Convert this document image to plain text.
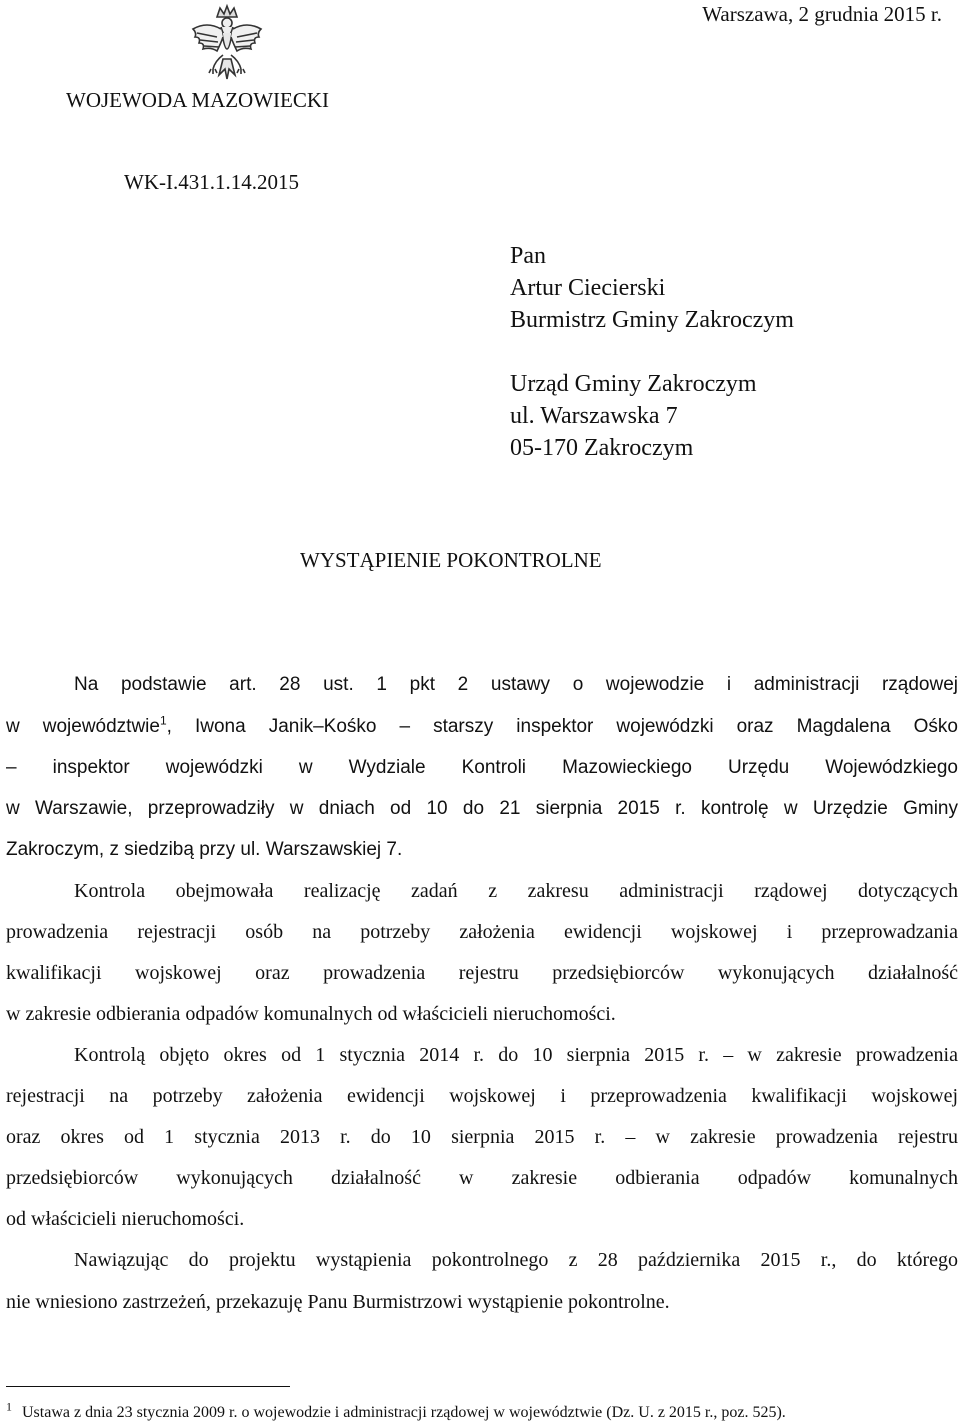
Warszawa, 2 grudnia 2015 r.
WOJEWODA MAZOWIECKI
WK-I.431.1.14.2015
Pan
Artur Ciecierski
Burmistrz Gminy Zakroczym
Urząd Gminy Zakroczym
ul. Warszawska 7
05-170 Zakroczym
WYSTĄPIENIE POKONTROLNE
Na podstawie art. 28 ust. 1 pkt 2 ustawy o wojewodzie i administracji rządowej
w województwie$^1$, Iwona Janik–Kośko – starszy inspektor wojewódzki oraz Magdalena Ośko
– inspektor wojewódzki w Wydziale Kontroli Mazowieckiego Urzędu Wojewódzkiego
w Warszawie, przeprowadziły w dniach od 10 do 21 sierpnia 2015 r. kontrolę w Urzędzie Gminy
Zakroczym, z siedzibą przy ul. Warszawskiej 7.
Kontrola obejmowała realizację zadań z zakresu administracji rządowej dotyczących
prowadzenia rejestracji osób na potrzeby założenia ewidencji wojskowej i przeprowadzania
kwalifikacji wojskowej oraz prowadzenia rejestru przedsiębiorców wykonujących działalność
w zakresie odbierania odpadów komunalnych od właścicieli nieruchomości.
Kontrolą objęto okres od 1 stycznia 2014 r. do 10 sierpnia 2015 r. – w zakresie prowadzenia
rejestracji na potrzeby założenia ewidencji wojskowej i przeprowadzenia kwalifikacji wojskowej
oraz okres od 1 stycznia 2013 r. do 10 sierpnia 2015 r. – w zakresie prowadzenia rejestru
przedsiębiorców wykonujących działalność w zakresie odbierania odpadów komunalnych
od właścicieli nieruchomości.
Nawiązując do projektu wystąpienia pokontrolnego z 28 października 2015 r., do którego
nie wniesiono zastrzeżeń, przekazuję Panu Burmistrzowi wystąpienie pokontrolne.
$^1$ Ustawa z dnia 23 stycznia 2009 r. o wojewodzie i administracji rządowej w województwie (Dz. U. z 2015 r., poz. 525).
